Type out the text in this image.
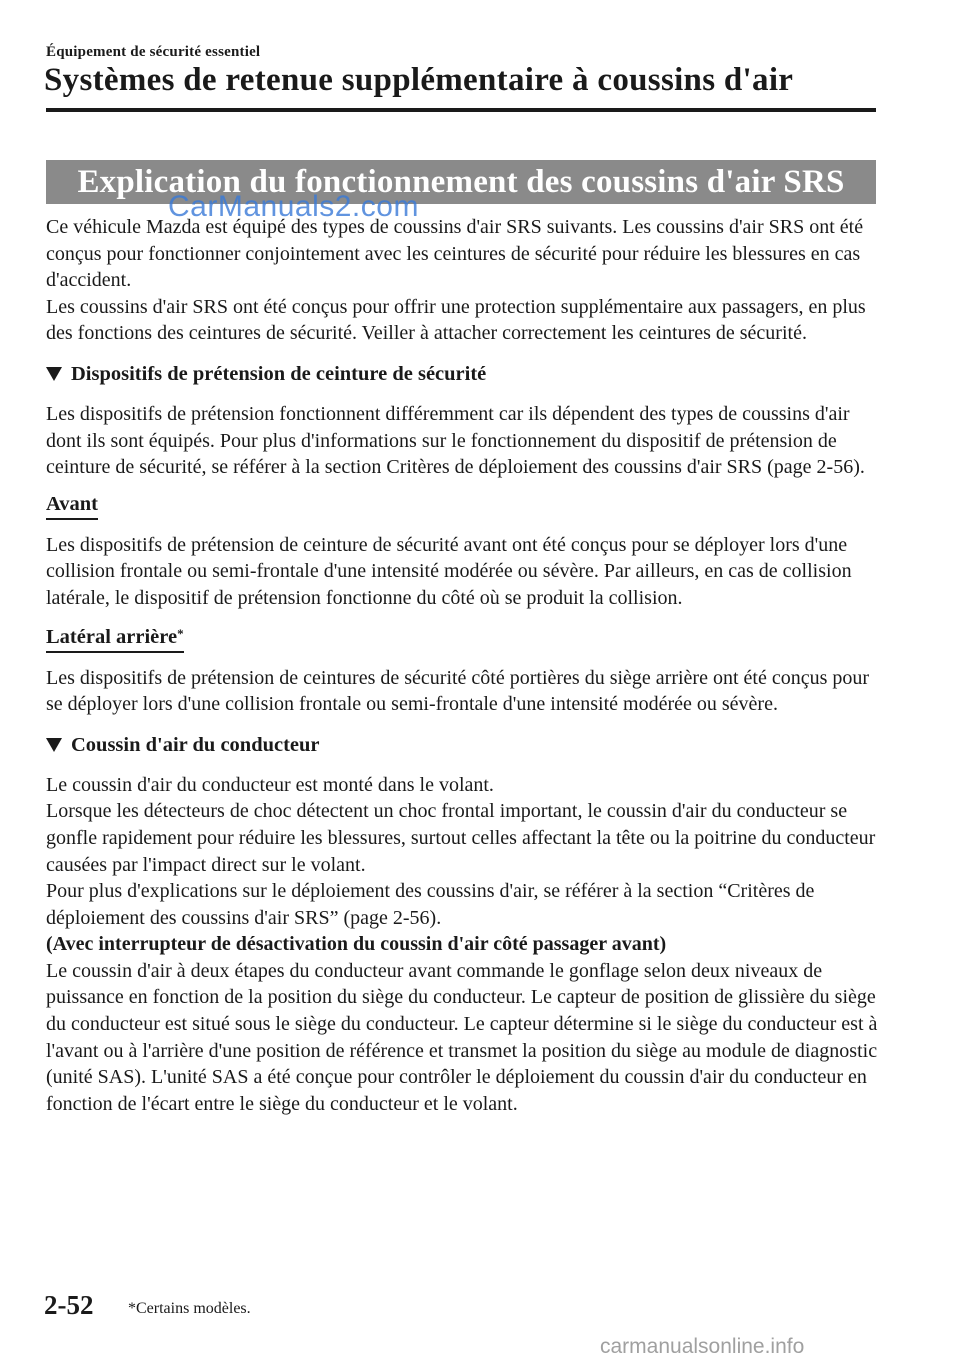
Équipement de sécurité essentiel
Systèmes de retenue supplémentaire à coussins d'air
Explication du fonctionnement des coussins d'air SRS
CarManuals2.com

Ce véhicule Mazda est équipé des types de coussins d'air SRS suivants. Les coussins d'air SRS ont été conçus pour fonctionner conjointement avec les ceintures de sécurité pour réduire les blessures en cas d'accident.

Les coussins d'air SRS ont été conçus pour offrir une protection supplémentaire aux passagers, en plus des fonctions des ceintures de sécurité. Veiller à attacher correctement les ceintures de sécurité.

Dispositifs de prétension de ceinture de sécurité

Les dispositifs de prétension fonctionnent différemment car ils dépendent des types de coussins d'air dont ils sont équipés. Pour plus d'informations sur le fonctionnement du dispositif de prétension de ceinture de sécurité, se référer à la section Critères de déploiement des coussins d'air SRS (page 2-56).

Avant

Les dispositifs de prétension de ceinture de sécurité avant ont été conçus pour se déployer lors d'une collision frontale ou semi-frontale d'une intensité modérée ou sévère. Par ailleurs, en cas de collision latérale, le dispositif de prétension fonctionne du côté où se produit la collision.

Latéral arrière*

Les dispositifs de prétension de ceintures de sécurité côté portières du siège arrière ont été conçus pour se déployer lors d'une collision frontale ou semi-frontale d'une intensité modérée ou sévère.

Coussin d'air du conducteur

Le coussin d'air du conducteur est monté dans le volant.

Lorsque les détecteurs de choc détectent un choc frontal important, le coussin d'air du conducteur se gonfle rapidement pour réduire les blessures, surtout celles affectant la tête ou la poitrine du conducteur causées par l'impact direct sur le volant.

Pour plus d'explications sur le déploiement des coussins d'air, se référer à la section “Critères de déploiement des coussins d'air SRS” (page 2-56).

(Avec interrupteur de désactivation du coussin d'air côté passager avant)

Le coussin d'air à deux étapes du conducteur avant commande le gonflage selon deux niveaux de puissance en fonction de la position du siège du conducteur. Le capteur de position de glissière du siège du conducteur est situé sous le siège du conducteur. Le capteur détermine si le siège du conducteur est à l'avant ou à l'arrière d'une position de référence et transmet la position du siège au module de diagnostic (unité SAS). L'unité SAS a été conçue pour contrôler le déploiement du coussin d'air du conducteur en fonction de l'écart entre le siège du conducteur et le volant.

2-52 *Certains modèles.
carmanualsonline.info
